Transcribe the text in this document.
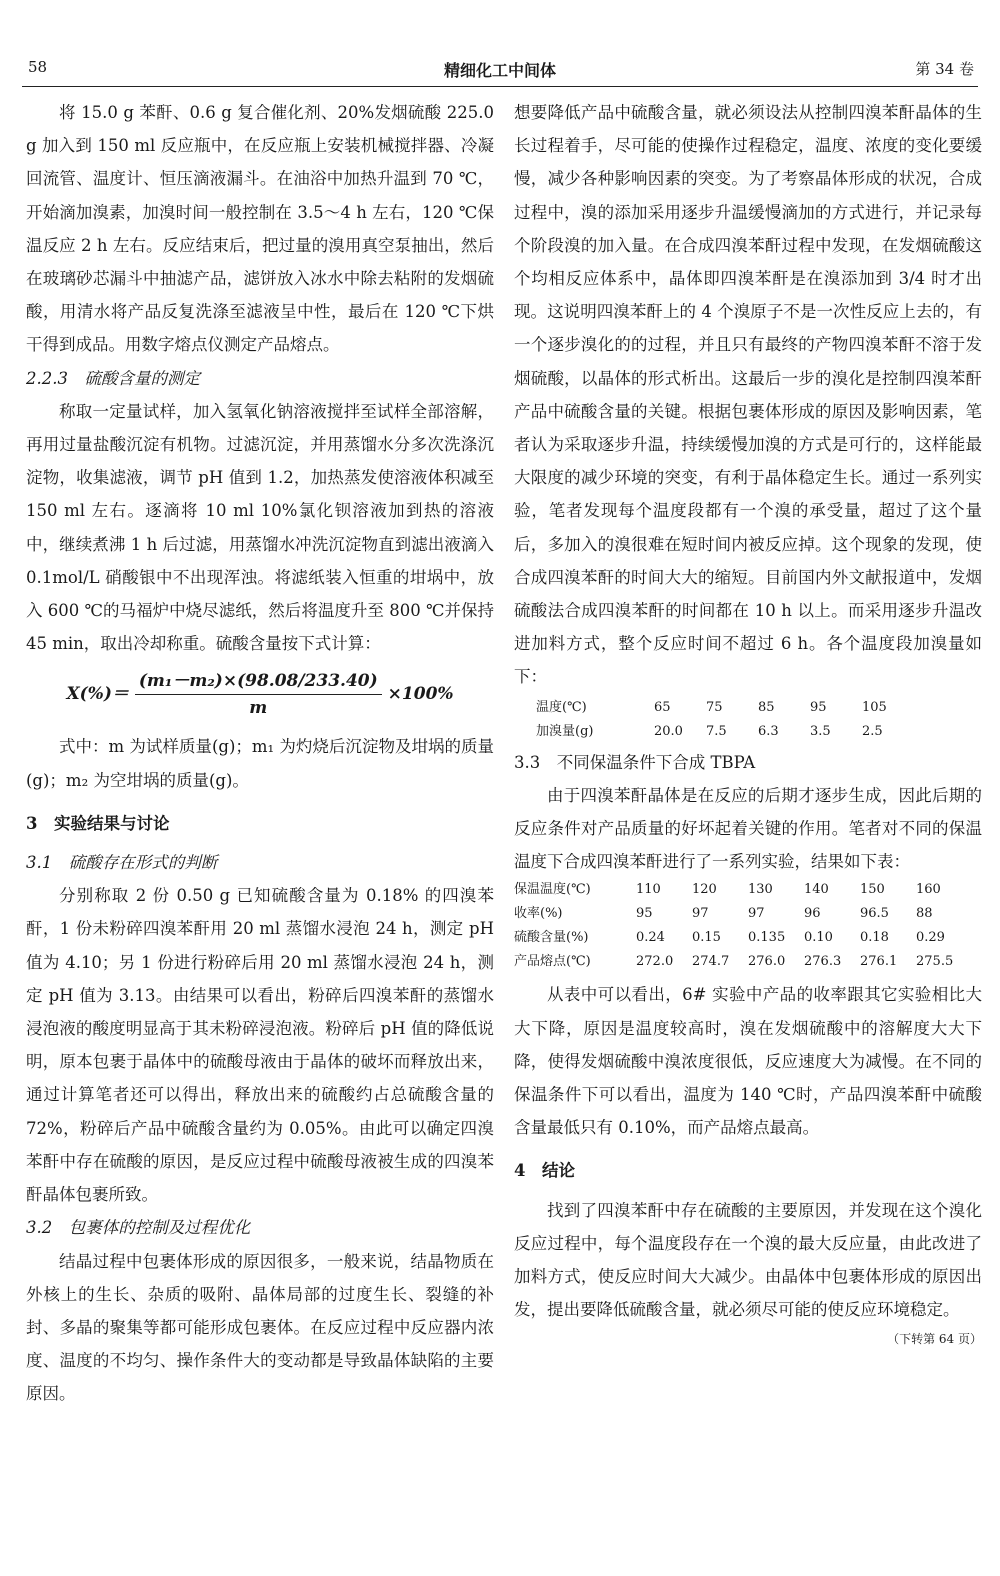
58	精细化工中间体	第 34 卷

将 15.0 g 苯酐、0.6 g 复合催化剂、20%发烟硫酸 225.0 g 加入到 150 ml 反应瓶中，在反应瓶上安装机械搅拌器、冷凝回流管、温度计、恒压滴液漏斗。在油浴中加热升温到 70 ℃，开始滴加溴素，加溴时间一般控制在 3.5～4 h 左右，120 ℃保温反应 2 h 左右。反应结束后，把过量的溴用真空泵抽出，然后在玻璃砂芯漏斗中抽滤产品，滤饼放入冰水中除去粘附的发烟硫酸，用清水将产品反复洗涤至滤液呈中性，最后在 120 ℃下烘干得到成品。用数字熔点仪测定产品熔点。

2.2.3　硫酸含量的测定

称取一定量试样，加入氢氧化钠溶液搅拌至试样全部溶解，再用过量盐酸沉淀有机物。过滤沉淀，并用蒸馏水分多次洗涤沉淀物，收集滤液，调节 pH 值到 1.2，加热蒸发使溶液体积减至 150 ml 左右。逐滴将 10 ml 10%氯化钡溶液加到热的溶液中，继续煮沸 1 h 后过滤，用蒸馏水冲洗沉淀物直到滤出液滴入 0.1mol/L 硝酸银中不出现浑浊。将滤纸装入恒重的坩埚中，放入 600 ℃的马福炉中烧尽滤纸，然后将温度升至 800 ℃并保持 45 min，取出冷却称重。硫酸含量按下式计算：

$X(\%)= \frac{\text{(m₁－m₂)×(98.08/233.40)}}{m} \times 100\%$

式中：m 为试样质量(g)；m₁ 为灼烧后沉淀物及坩埚的质量(g)；m₂ 为空坩埚的质量(g)。

3　实验结果与讨论

3.1　硫酸存在形式的判断

分别称取 2 份 0.50 g 已知硫酸含量为 0.18% 的四溴苯酐，1 份未粉碎四溴苯酐用 20 ml 蒸馏水浸泡 24 h，测定 pH 值为 4.10；另 1 份进行粉碎后用 20 ml 蒸馏水浸泡 24 h，测定 pH 值为 3.13。由结果可以看出，粉碎后四溴苯酐的蒸馏水浸泡液的酸度明显高于其未粉碎浸泡液。粉碎后 pH 值的降低说明，原本包裹于晶体中的硫酸母液由于晶体的破坏而释放出来，通过计算笔者还可以得出，释放出来的硫酸约占总硫酸含量的 72%，粉碎后产品中硫酸含量约为 0.05%。由此可以确定四溴苯酐中存在硫酸的原因，是反应过程中硫酸母液被生成的四溴苯酐晶体包裹所致。

3.2　包裹体的控制及过程优化

结晶过程中包裹体形成的原因很多，一般来说，结晶物质在外核上的生长、杂质的吸附、晶体局部的过度生长、裂缝的补封、多晶的聚集等都可能形成包裹体。在反应过程中反应器内浓度、温度的不均匀、操作条件大的变动都是导致晶体缺陷的主要原因。

想要降低产品中硫酸含量，就必须设法从控制四溴苯酐晶体的生长过程着手，尽可能的使操作过程稳定，温度、浓度的变化要缓慢，减少各种影响因素的突变。为了考察晶体形成的状况，合成过程中，溴的添加采用逐步升温缓慢滴加的方式进行，并记录每个阶段溴的加入量。在合成四溴苯酐过程中发现，在发烟硫酸这个均相反应体系中，晶体即四溴苯酐是在溴添加到 3/4 时才出现。这说明四溴苯酐上的 4 个溴原子不是一次性反应上去的，有一个逐步溴化的的过程，并且只有最终的产物四溴苯酐不溶于发烟硫酸，以晶体的形式析出。这最后一步的溴化是控制四溴苯酐产品中硫酸含量的关键。根据包裹体形成的原因及影响因素，笔者认为采取逐步升温，持续缓慢加溴的方式是可行的，这样能最大限度的减少环境的突变，有利于晶体稳定生长。通过一系列实验，笔者发现每个温度段都有一个溴的承受量，超过了这个量后，多加入的溴很难在短时间内被反应掉。这个现象的发现，使合成四溴苯酐的时间大大的缩短。目前国内外文献报道中，发烟硫酸法合成四溴苯酐的时间都在 10 h 以上。而采用逐步升温改进加料方式，整个反应时间不超过 6 h。各个温度段加溴量如下：

温度(℃)	65	75	85	95	105
加溴量(g)	20.0	7.5	6.3	3.5	2.5

3.3　不同保温条件下合成 TBPA

由于四溴苯酐晶体是在反应的后期才逐步生成，因此后期的反应条件对产品质量的好坏起着关键的作用。笔者对不同的保温温度下合成四溴苯酐进行了一系列实验，结果如下表：

保温温度(℃)	110	120	130	140	150	160
收率(%)	95	97	97	96	96.5	88
硫酸含量(%)	0.24	0.15	0.135	0.10	0.18	0.29
产品熔点(℃)	272.0	274.7	276.0	276.3	276.1	275.5

从表中可以看出，6# 实验中产品的收率跟其它实验相比大大下降，原因是温度较高时，溴在发烟硫酸中的溶解度大大下降，使得发烟硫酸中溴浓度很低，反应速度大为减慢。在不同的保温条件下可以看出，温度为 140 ℃时，产品四溴苯酐中硫酸含量最低只有 0.10%，而产品熔点最高。

4　结论

找到了四溴苯酐中存在硫酸的主要原因，并发现在这个溴化反应过程中，每个温度段存在一个溴的最大反应量，由此改进了加料方式，使反应时间大大减少。由晶体中包裹体形成的原因出发，提出要降低硫酸含量，就必须尽可能的使反应环境稳定。

（下转第 64 页）
